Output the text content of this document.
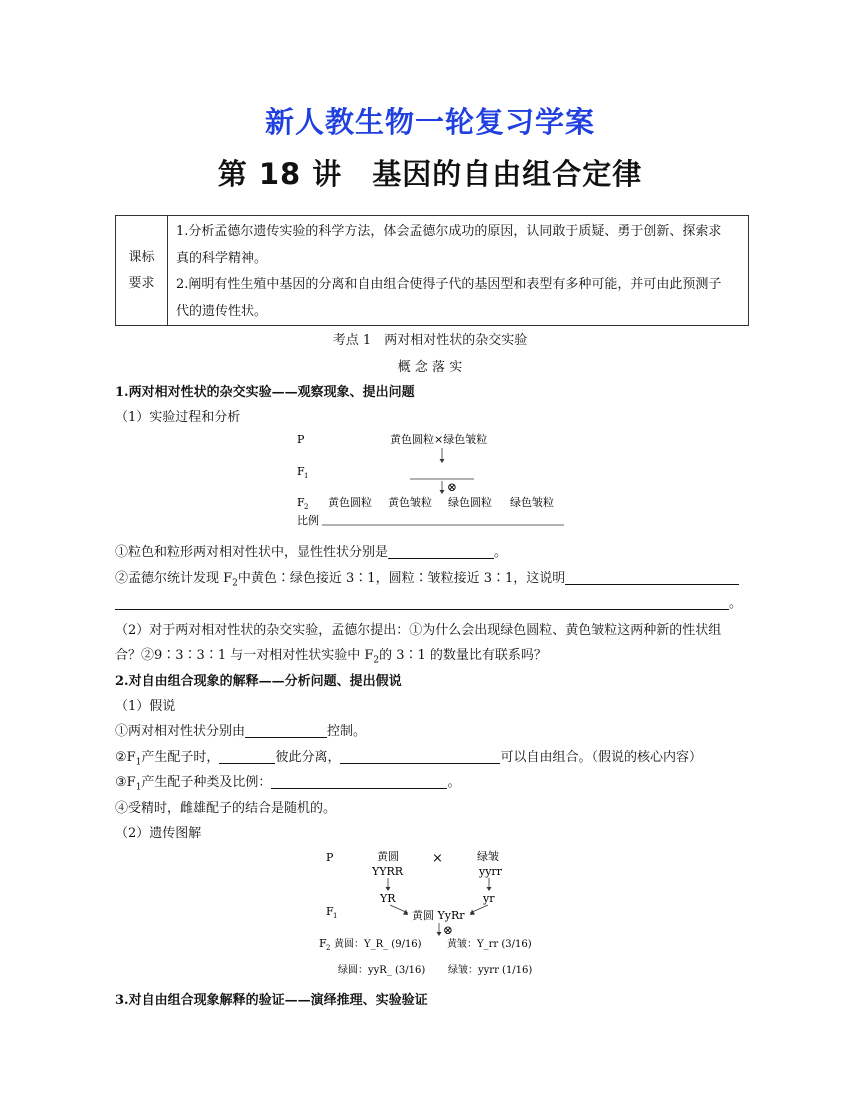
新人教生物一轮复习学案
第 18 讲　基因的自由组合定律
课标
要求
1.分析孟德尔遗传实验的科学方法，体会孟德尔成功的原因，认同敢于质疑、勇于创新、探索求
真的科学精神。
2.阐明有性生殖中基因的分离和自由组合使得子代的基因型和表型有多种可能，并可由此预测子
代的遗传性状。
考点 1　两对相对性状的杂交实验
概 念 落 实
1.两对相对性状的杂交实验——观察现象、提出问题
（1）实验过程和分析
P	黄色圆粒×绿色皱粒
F 1
⊗
F 2 黄色圆粒 黄色皱粒 绿色圆粒 绿色皱粒
比例
①粒色和粒形两对相对性状中，显性性状分别是	。
②孟德尔统计发现 $F_2$中黄色∶绿色接近 3∶1，圆粒∶皱粒接近 3∶1，这说明
。
（2）对于两对相对性状的杂交实验，孟德尔提出：①为什么会出现绿色圆粒、黄色皱粒这两种新的性状组
合？②9∶3∶3∶1 与一对相对性状实验中 $F_2$的 3∶1 的数量比有联系吗？
2.对自由组合现象的解释——分析问题、提出假说
（1）假说
①两对相对性状分别由	控制。
$②F_1$产生配子时，	彼此分离，	可以自由组合。（假说的核心内容）
$③F_1$产生配子种类及比例：	。
④受精时，雌雄配子的结合是随机的。
（2）遗传图解
P	黄圆	×	绿皱
YYRR	yyrr
YR	yr
F 1	黄圆 YyRr
⊗
F 2 黄圆：Y_R_ (9/16)	黄皱：Y_rr (3/16)
绿圆：yyR_ (3/16) 绿皱：yyrr (1/16)
3.对自由组合现象解释的验证——演绎推理、实验验证
